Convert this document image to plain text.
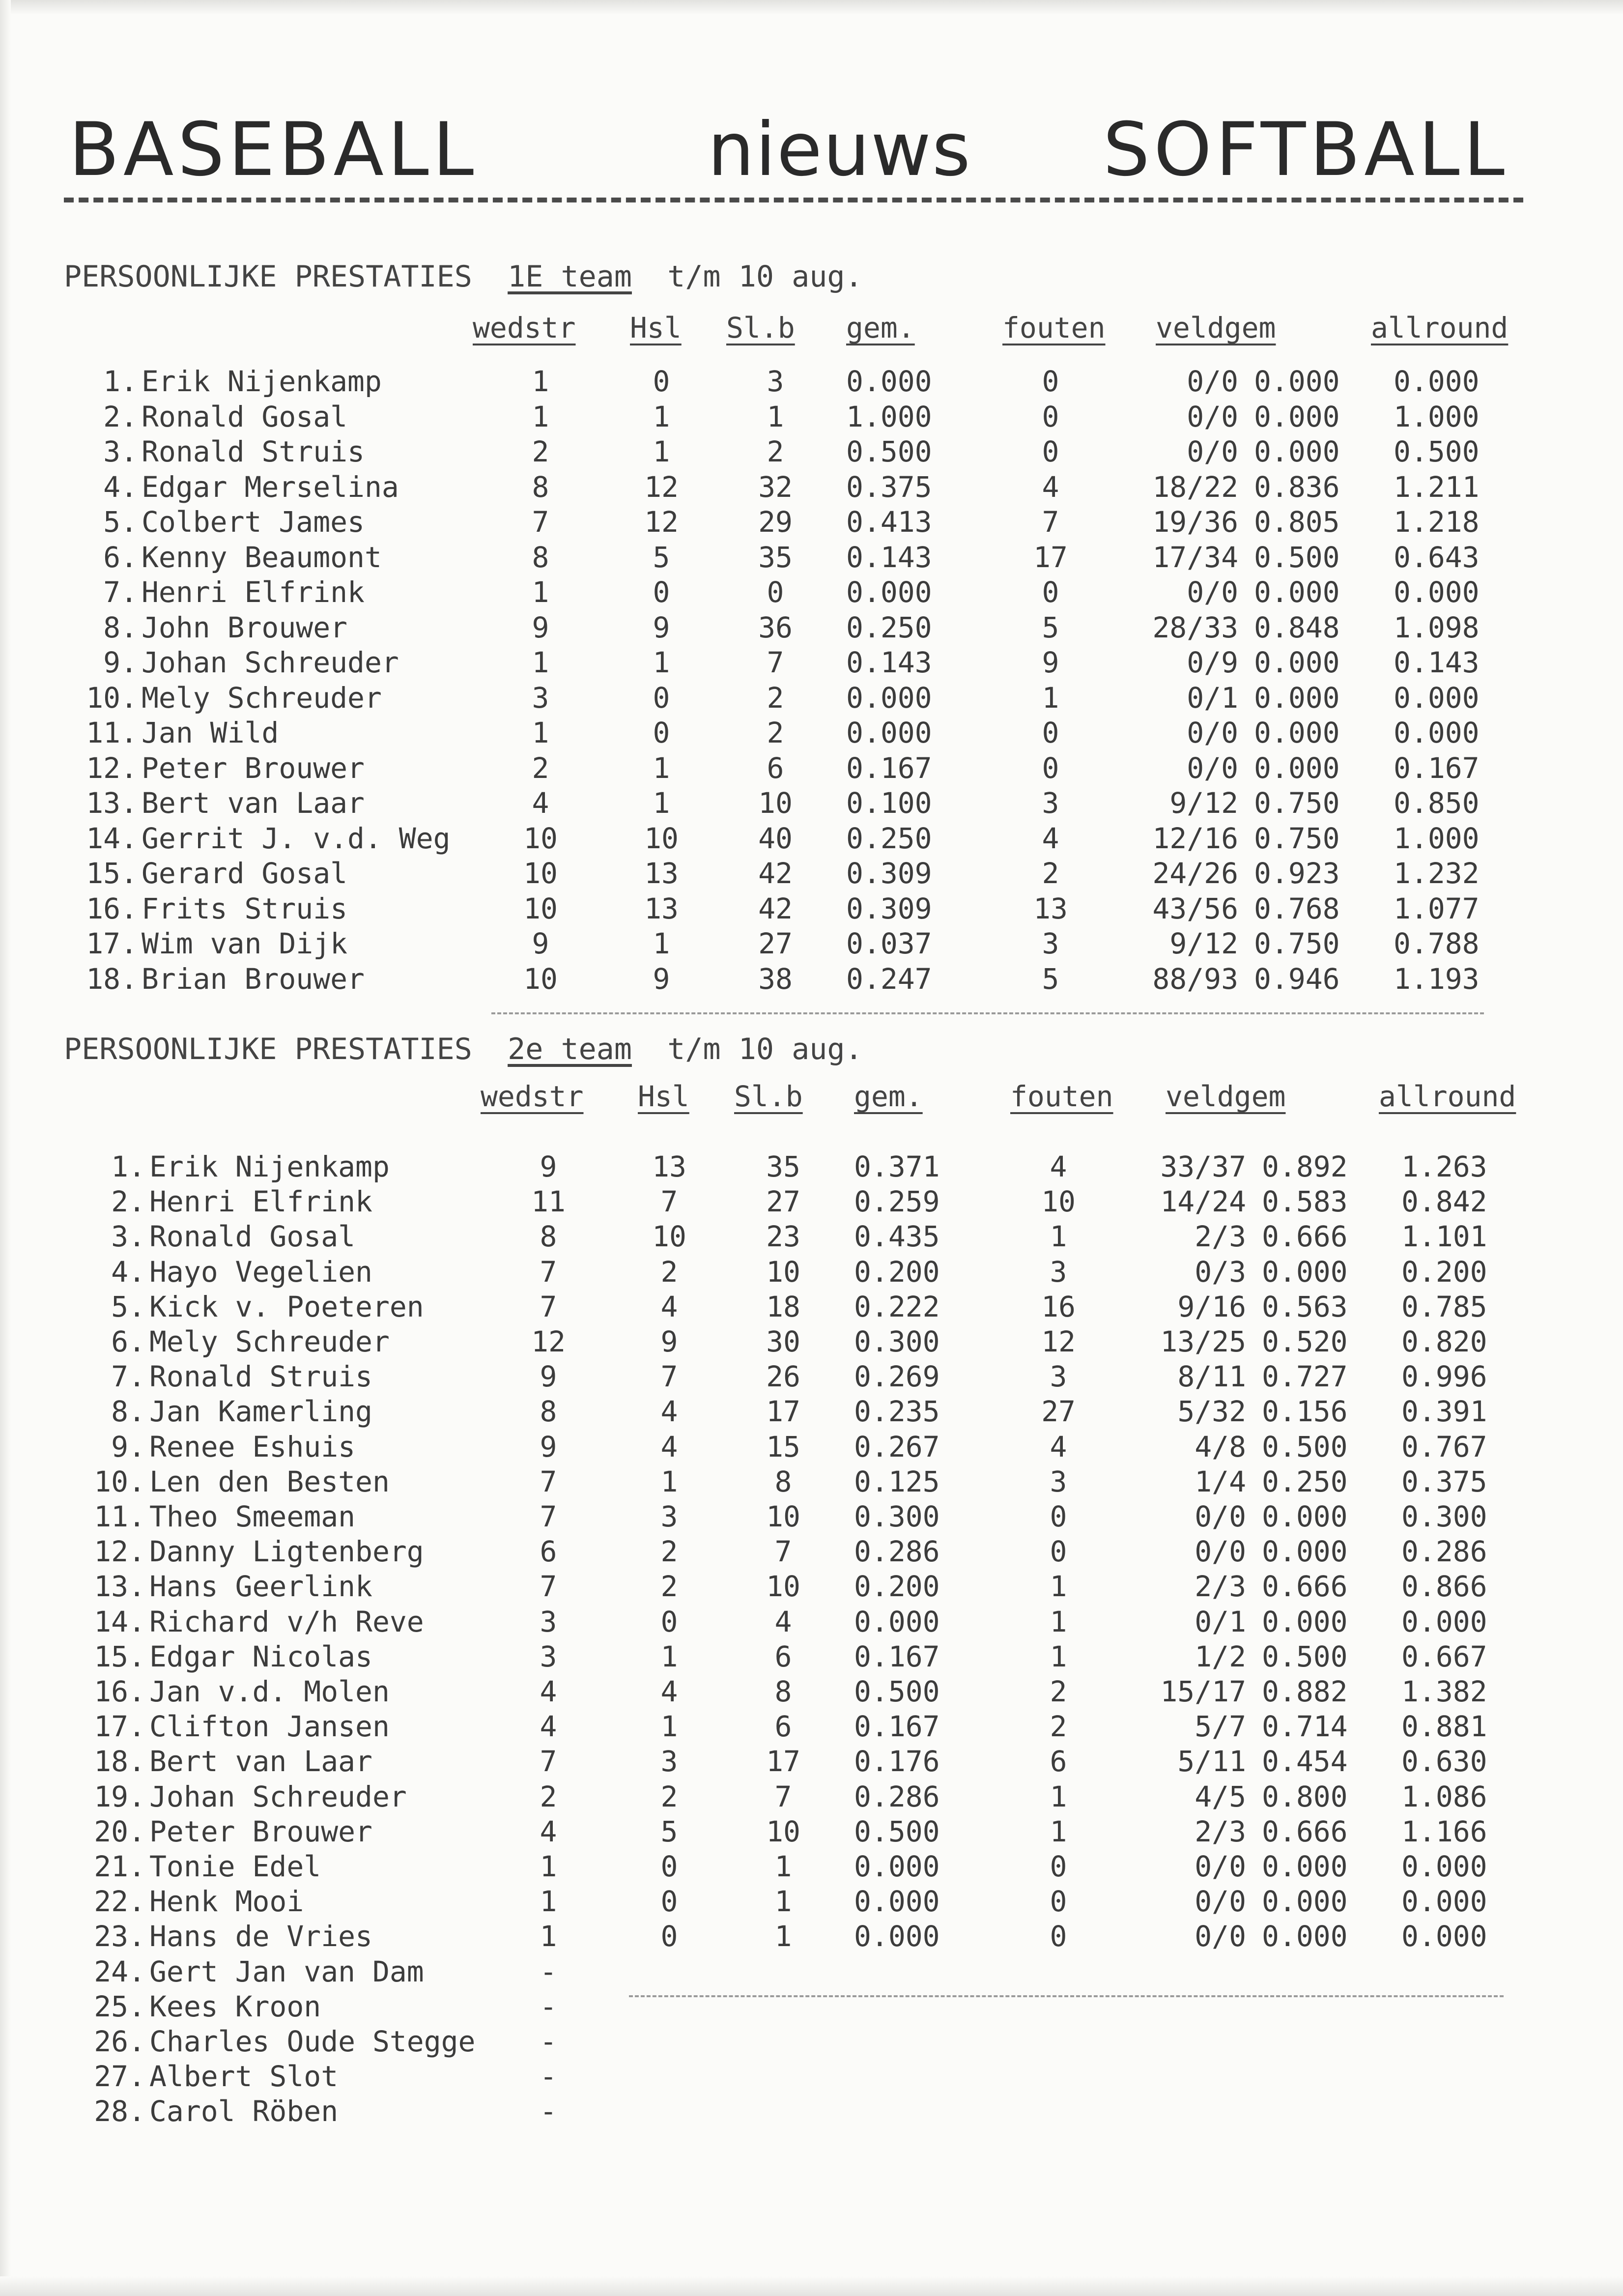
BASEBALL	nieuws SOFTBALL
PERSOONLIJKE PRESTATIES 1E team t/m 10 aug.
wedstr Hsl Sl.b gem.	fouten veldgem	allround
1. Erik Nijenkamp	1	0	3	0.000	0	0/0 0.000	0.000
2. Ronald Gosal	1	1	1	1.000	0	0/0 0.000	1.000
3. Ronald Struis	2	1	2	0.500	0	0/0 0.000	0.500
4. Edgar Merselina	8	12	32	0.375	4	18/22 0.836	1.211
5. Colbert James	7	12	29	0.413	7	19/36 0.805	1.218
6. Kenny Beaumont	8	5	35	0.143	17	17/34 0.500	0.643
7. Henri Elfrink	1	0	0	0.000	0	0/0 0.000	0.000
8. John Brouwer	9	9	36	0.250	5	28/33 0.848	1.098
9. Johan Schreuder	1	1	7	0.143	9	0/9 0.000	0.143
10. Mely Schreuder	3	0	2	0.000	1	0/1 0.000	0.000
11. Jan Wild	1	0	2	0.000	0	0/0 0.000	0.000
12. Peter Brouwer	2	1	6	0.167	0	0/0 0.000	0.167
13. Bert van Laar	4	1	10	0.100	3	9/12 0.750	0.850
14. Gerrit J. v.d. Weg	10	10	40	0.250	4	12/16 0.750	1.000
15. Gerard Gosal	10	13	42	0.309	2	24/26 0.923	1.232
16. Frits Struis	10	13	42	0.309	13	43/56 0.768	1.077
17. Wim van Dijk	9	1	27	0.037	3	9/12 0.750	0.788
18. Brian Brouwer	10	9	38	0.247	5	88/93 0.946	1.193
PERSOONLIJKE PRESTATIES 2e team t/m 10 aug.
wedstr Hsl Sl.b gem.	fouten veldgem	allround
1. Erik Nijenkamp	9	13	35	0.371	4	33/37 0.892	1.263
2. Henri Elfrink	11	7	27	0.259	10	14/24 0.583	0.842
3. Ronald Gosal	8	10	23	0.435	1	2/3 0.666	1.101
4. Hayo Vegelien	7	2	10	0.200	3	0/3 0.000	0.200
5. Kick v. Poeteren	7	4	18	0.222	16	9/16 0.563	0.785
6. Mely Schreuder	12	9	30	0.300	12	13/25 0.520	0.820
7. Ronald Struis	9	7	26	0.269	3	8/11 0.727	0.996
8. Jan Kamerling	8	4	17	0.235	27	5/32 0.156	0.391
9. Renee Eshuis	9	4	15	0.267	4	4/8 0.500	0.767
10. Len den Besten	7	1	8	0.125	3	1/4 0.250	0.375
11. Theo Smeeman	7	3	10	0.300	0	0/0 0.000	0.300
12. Danny Ligtenberg	6	2	7	0.286	0	0/0 0.000	0.286
13. Hans Geerlink	7	2	10	0.200	1	2/3 0.666	0.866
14. Richard v/h Reve	3	0	4	0.000	1	0/1 0.000	0.000
15. Edgar Nicolas	3	1	6	0.167	1	1/2 0.500	0.667
16. Jan v.d. Molen	4	4	8	0.500	2	15/17 0.882	1.382
17. Clifton Jansen	4	1	6	0.167	2	5/7 0.714	0.881
18. Bert van Laar	7	3	17	0.176	6	5/11 0.454	0.630
19. Johan Schreuder	2	2	7	0.286	1	4/5 0.800	1.086
20. Peter Brouwer	4	5	10	0.500	1	2/3 0.666	1.166
21. Tonie Edel	1	0	1	0.000	0	0/0 0.000	0.000
22. Henk Mooi	1	0	1	0.000	0	0/0 0.000	0.000
23. Hans de Vries	1	0	1	0.000	0	0/0 0.000	0.000
24. Gert Jan van Dam	-
25. Kees Kroon	-
26. Charles Oude Stegge	-
27. Albert Slot	-
28. Carol Röben	-
